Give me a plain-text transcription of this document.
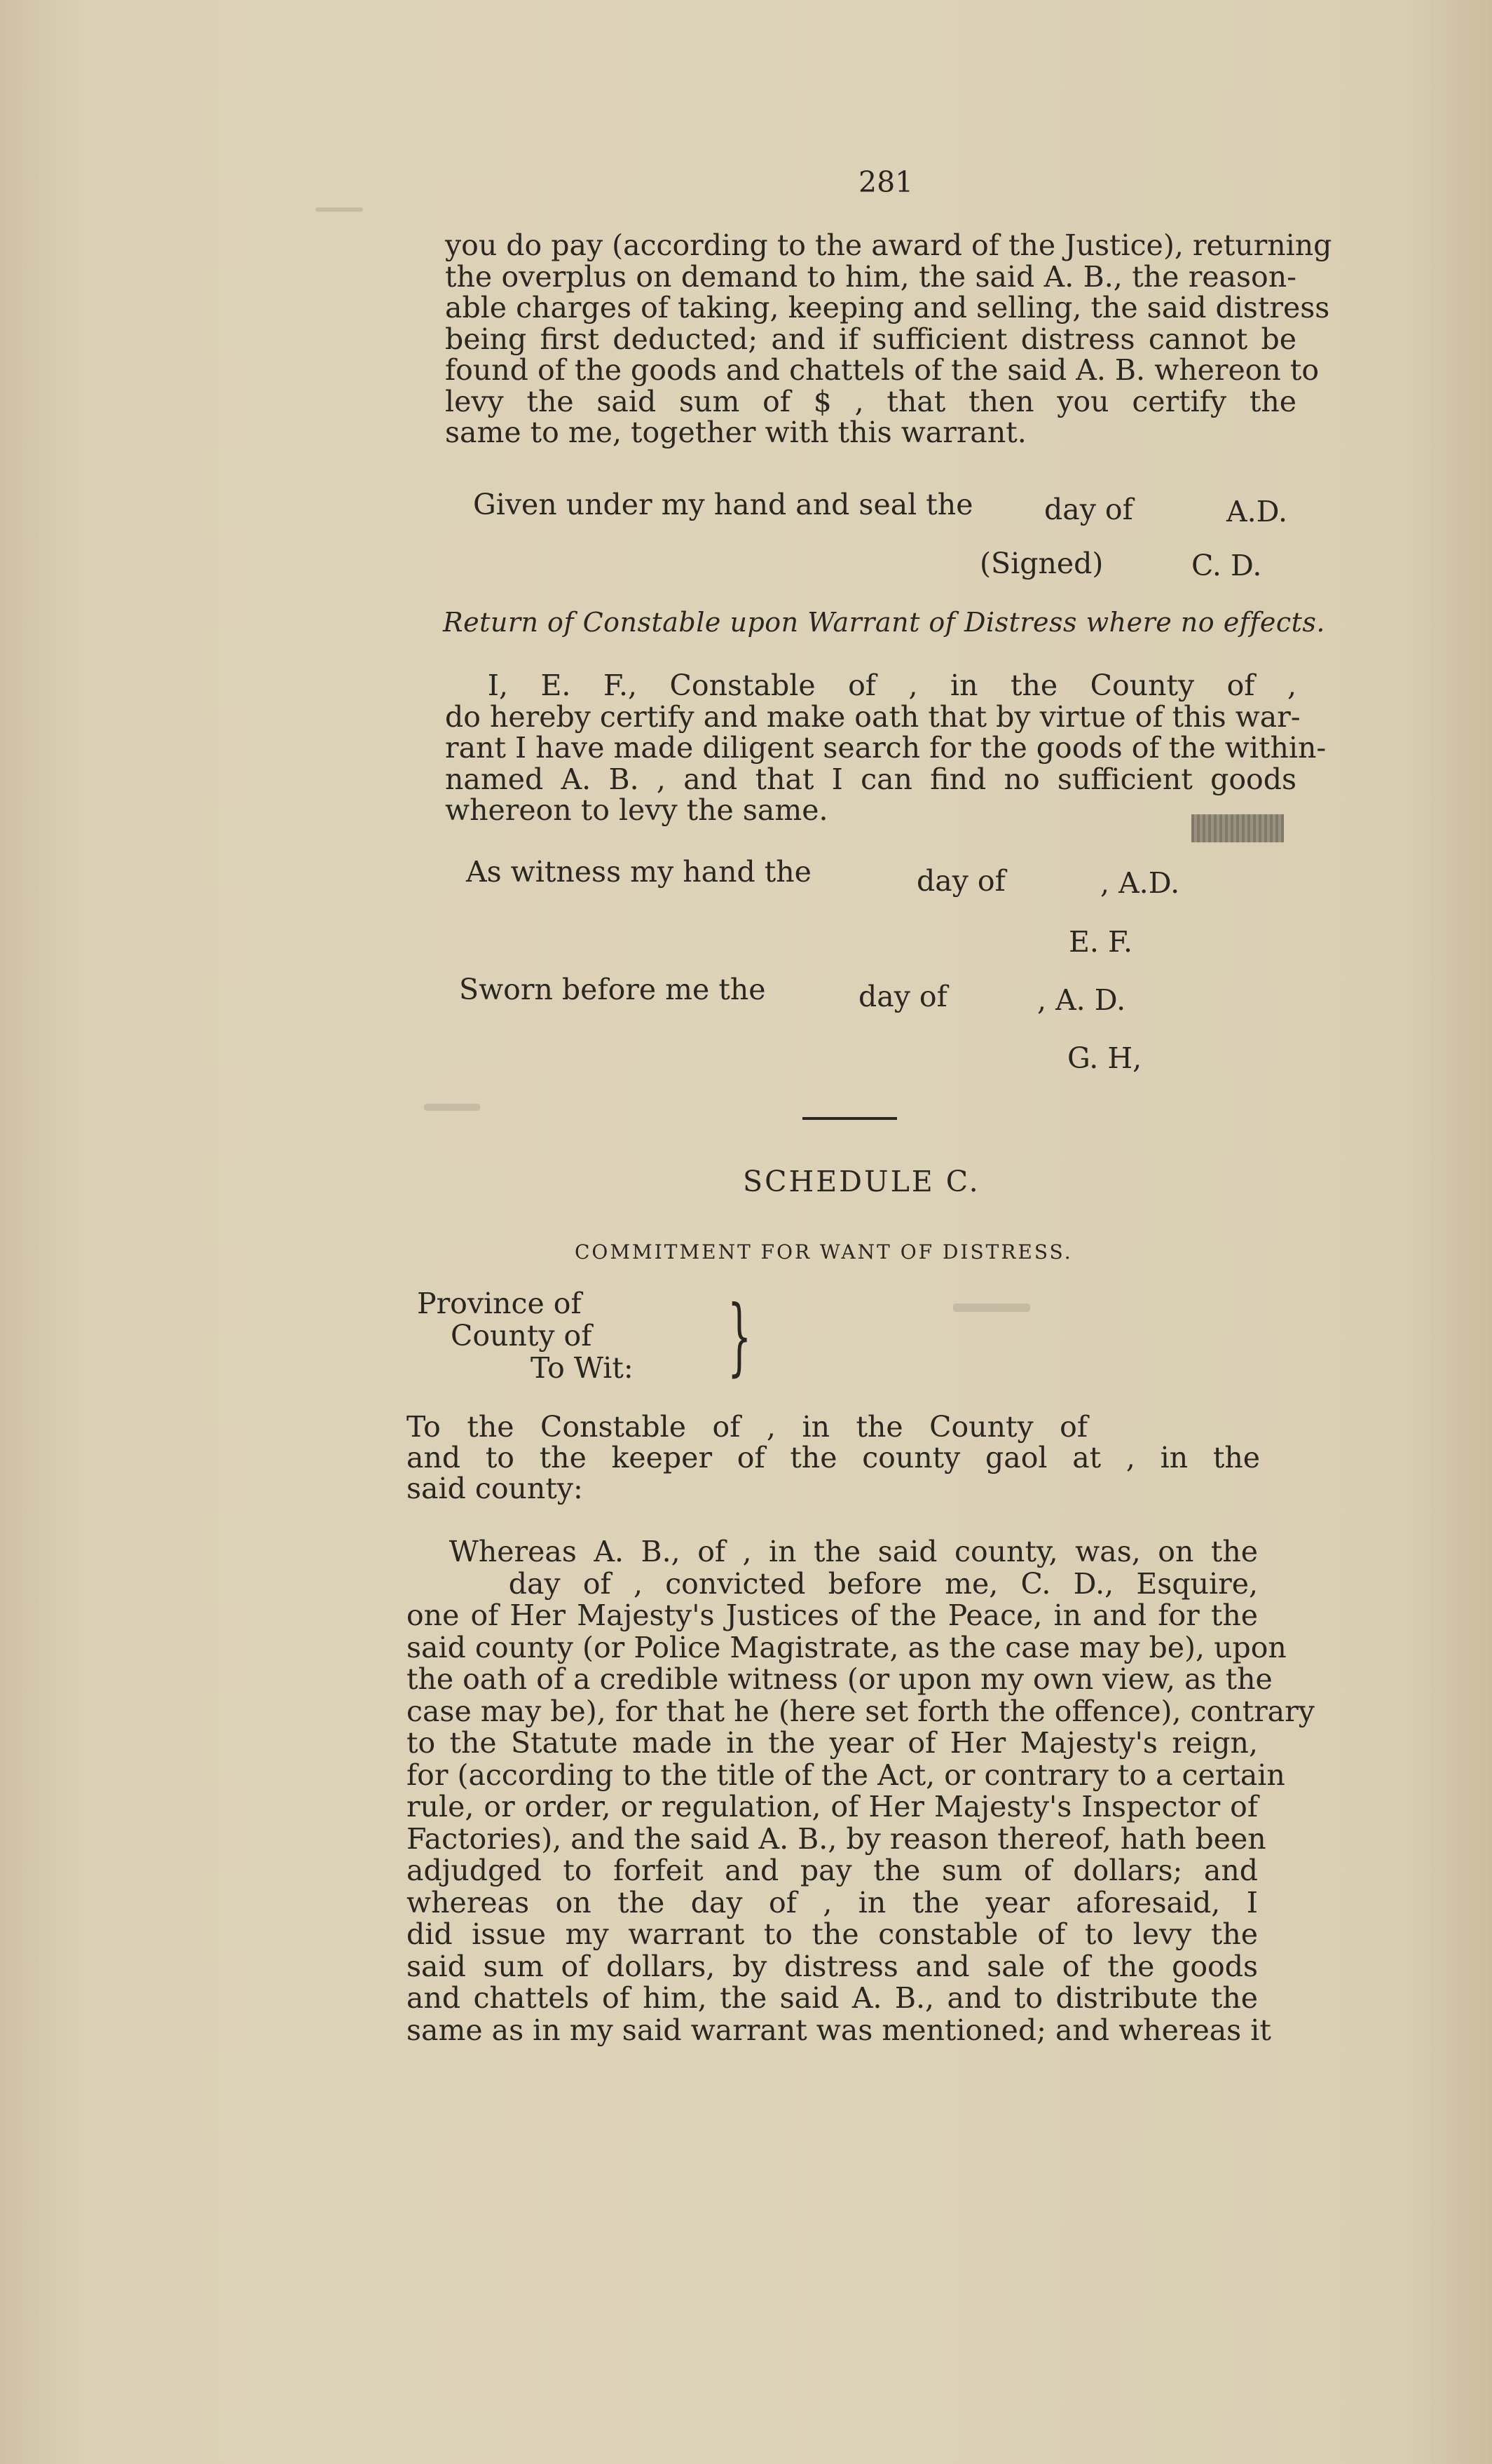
281
you do pay (according to the award of the Justice), returning
the overplus on demand to him, the said A. B., the reason-
able charges of taking, keeping and selling, the said distress
being first deducted; and if sufficient distress cannot be
found of the goods and chattels of the said A. B. whereon to
levy the said sum of $ , that then you certify the
same to me, together with this warrant.
Given under my hand and seal the day of	A.D.
(Signed)	C. D.
Return of Constable upon Warrant of Distress where no effects.
I, E. F., Constable of , in the County of ,
do hereby certify and make oath that by virtue of this war-
rant I have made diligent search for the goods of the within-
named A. B. , and that I can find no sufficient goods
whereon to levy the same.
As witness my hand the	day of	, A.D.
E. F.
Sworn before me the	day of	, A. D.
G. H,
SCHEDULE C.
COMMITMENT FOR WANT OF DISTRESS.
Province of
County of
To Wit: }
To the Constable of , in the County of
and to the keeper of the county gaol at , in the
said county:
Whereas A. B., of , in the said county, was, on the
day of , convicted before me, C. D., Esquire,
one of Her Majesty's Justices of the Peace, in and for the
said county (or Police Magistrate, as the case may be), upon
the oath of a credible witness (or upon my own view, as the
case may be), for that he (here set forth the offence), contrary
to the Statute made in the year of Her Majesty's reign,
for (according to the title of the Act, or contrary to a certain
rule, or order, or regulation, of Her Majesty's Inspector of
Factories), and the said A. B., by reason thereof, hath been
adjudged to forfeit and pay the sum of dollars; and
whereas on the day of , in the year aforesaid, I
did issue my warrant to the constable of to levy the
said sum of dollars, by distress and sale of the goods
and chattels of him, the said A. B., and to distribute the
same as in my said warrant was mentioned; and whereas it
